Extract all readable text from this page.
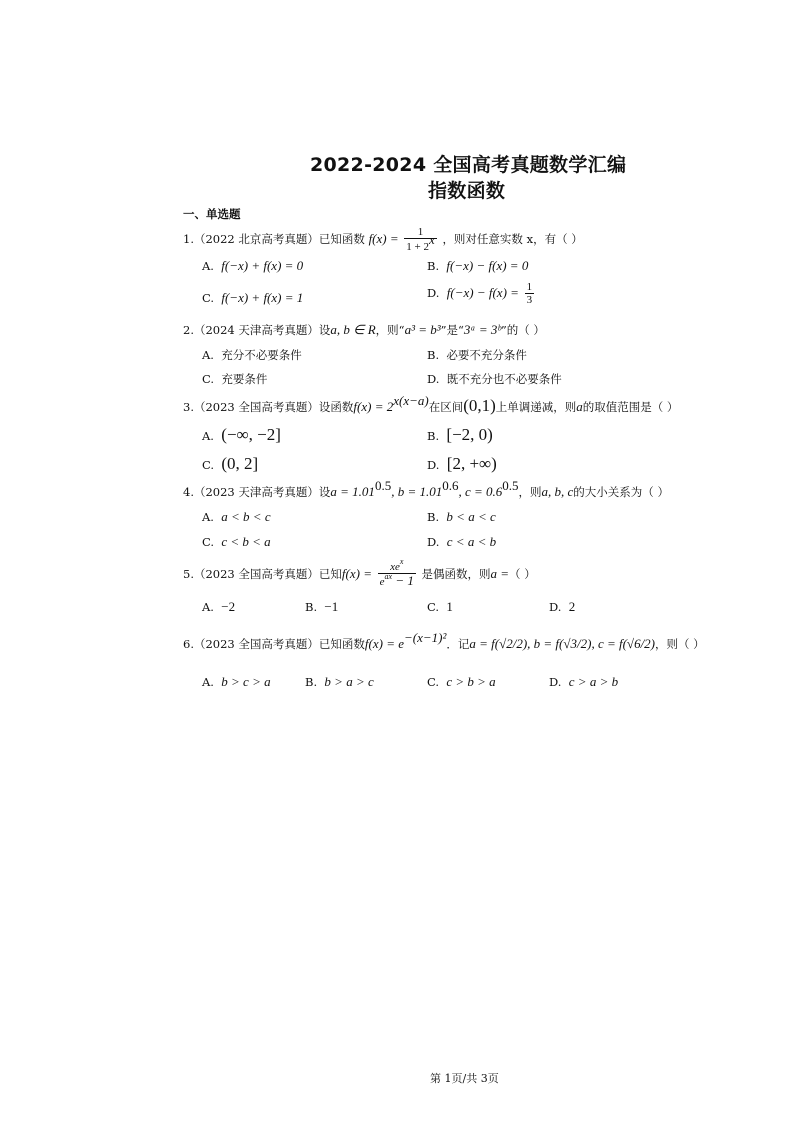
2022-2024 全国高考真题数学汇编
指数函数
一、单选题
1.（2022 北京高考真题）已知函数 $f(x) = \frac{1}{1 + 2^x}$ ，则对任意实数 x，有（ ）
A. f(−x) + f(x) = 0	B. f(−x) − f(x) = 0
C. f(−x) + f(x) = 1	D. $f(-x) - f(x) = \frac{1}{3}$
2.（2024 天津高考真题）设a, b ∈ R，则“a³ = b³”是“3ᵃ = 3ᵇ”的（ ）
A. 充分不必要条件	B. 必要不充分条件
C. 充要条件	D. 既不充分也不必要条件
3.（2023 全国高考真题）设函数$f(x) = 2^{x(x-a)}$在区间(0,1)上单调递减，则a的取值范围是（ ）
A. (−∞, −2]	B. [−2, 0)
C. (0, 2]	D. [2, +∞)
4.（2023 天津高考真题）设$a = 1.01^{0.5}$, $b = 1.01^{0.6}$, $c = 0.6^{0.5}$，则a, b, c的大小关系为（ ）
A. a < b < c	B. b < a < c
C. c < b < a	D. c < a < b
5.（2023 全国高考真题）已知$f(x) = \frac{xe^x}{e^{ax} - 1}$ 是偶函数，则a =（ ）
A. −2	B. −1	C. 1	D. 2
6.（2023 全国高考真题）已知函数$f(x) = e^{-(x-1)^2}$．记a = f(√2/2), b = f(√3/2), c = f(√6/2)，则（ ）
A. b > c > a	B. b > a > c	C. c > b > a	D. c > a > b
第 1页/共 3页
